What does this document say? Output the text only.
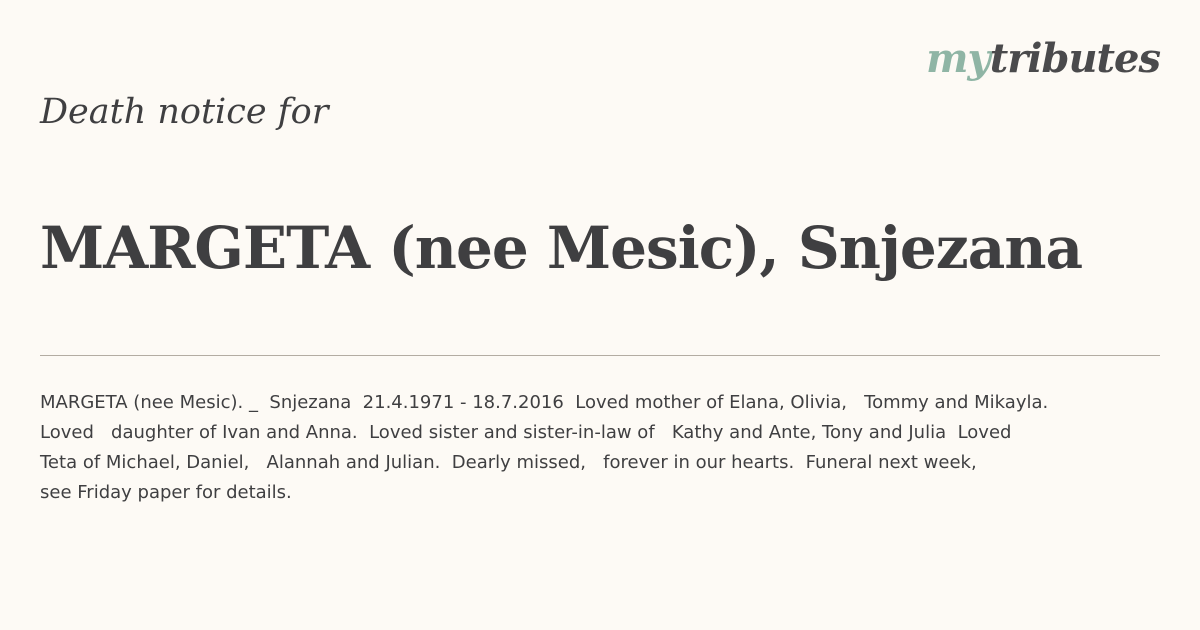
mytributes
Death notice for
MARGETA (nee Mesic), Snjezana
MARGETA (nee Mesic). _  Snjezana  21.4.1971 - 18.7.2016  Loved mother of Elana, Olivia,   Tommy and Mikayla.
Loved   daughter of Ivan and Anna.  Loved sister and sister-in-law of   Kathy and Ante, Tony and Julia  Loved
Teta of Michael, Daniel,   Alannah and Julian.  Dearly missed,   forever in our hearts.  Funeral next week,
see Friday paper for details.
